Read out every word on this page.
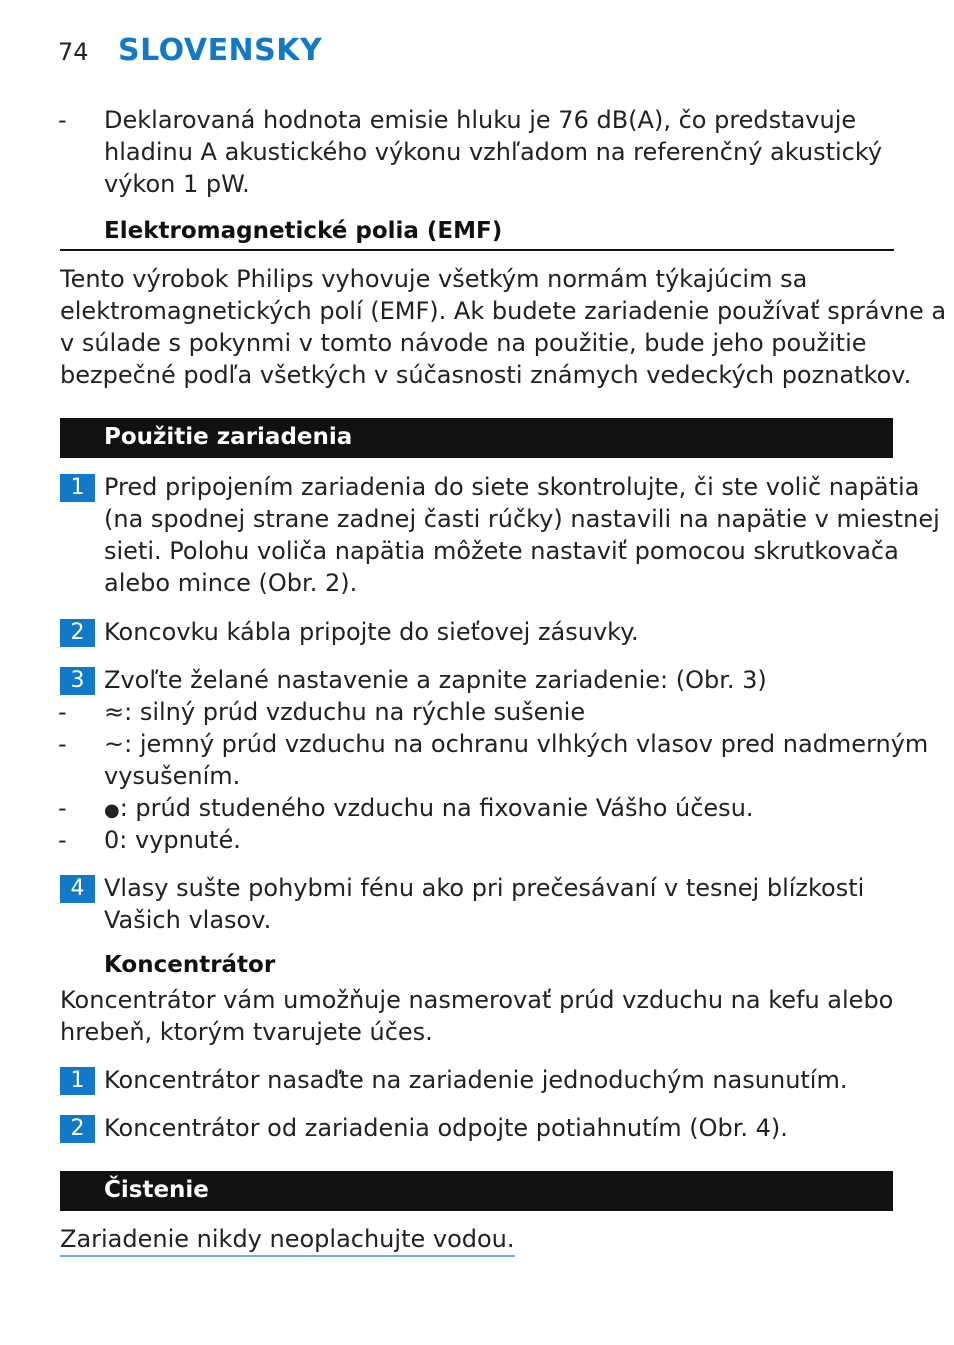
74 SLOVENSKY
- Deklarovaná hodnota emisie hluku je 76 dB(A), čo predstavuje
hladinu A akustického výkonu vzhľadom na referenčný akustický
výkon 1 pW.
Elektromagnetické polia (EMF)
Tento výrobok Philips vyhovuje všetkým normám týkajúcim sa
elektromagnetických polí (EMF). Ak budete zariadenie používať správne a
v súlade s pokynmi v tomto návode na použitie, bude jeho použitie
bezpečné podľa všetkých v súčasnosti známych vedeckých poznatkov.
Použitie zariadenia
1 Pred pripojením zariadenia do siete skontrolujte, či ste volič napätia
(na spodnej strane zadnej časti rúčky) nastavili na napätie v miestnej
sieti. Polohu voliča napätia môžete nastaviť pomocou skrutkovača
alebo mince (Obr. 2).
2 Koncovku kábla pripojte do sieťovej zásuvky.
3 Zvoľte želané nastavenie a zapnite zariadenie: (Obr. 3)
- ≈: silný prúd vzduchu na rýchle sušenie
- ~: jemný prúd vzduchu na ochranu vlhkých vlasov pred nadmerným
vysušením.
- ●: prúd studeného vzduchu na fixovanie Vášho účesu.
- 0: vypnuté.
4 Vlasy sušte pohybmi fénu ako pri prečesávaní v tesnej blízkosti
Vašich vlasov.
Koncentrátor
Koncentrátor vám umožňuje nasmerovať prúd vzduchu na kefu alebo
hrebeň, ktorým tvarujete účes.
1 Koncentrátor nasaďte na zariadenie jednoduchým nasunutím.
2 Koncentrátor od zariadenia odpojte potiahnutím (Obr. 4).
Čistenie
Zariadenie nikdy neoplachujte vodou.
